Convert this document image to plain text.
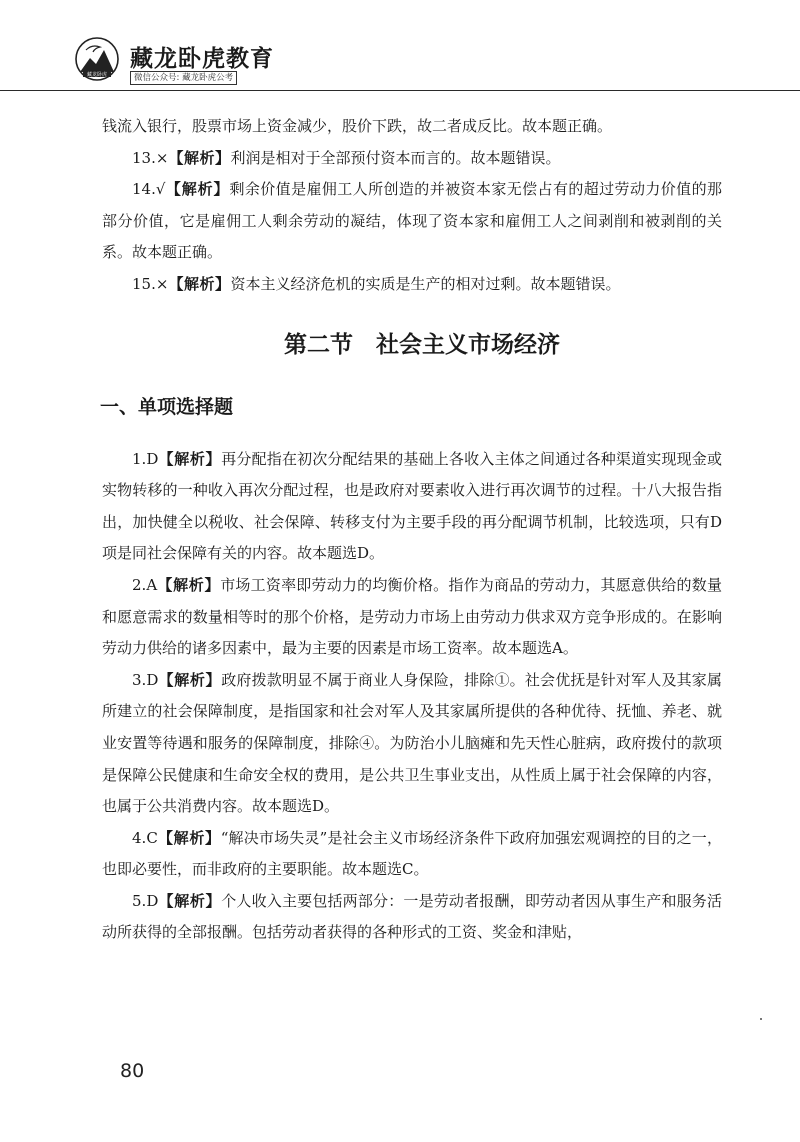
藏龙卧虎
藏龙卧虎教育
微信公众号: 藏龙卧虎公考

钱流入银行，股票市场上资金减少，股价下跌，故二者成反比。故本题正确。

13.×【解析】利润是相对于全部预付资本而言的。故本题错误。

14.√【解析】剩余价值是雇佣工人所创造的并被资本家无偿占有的超过劳动力价值的那部分价值，它是雇佣工人剩余劳动的凝结，体现了资本家和雇佣工人之间剥削和被剥削的关系。故本题正确。

15.×【解析】资本主义经济危机的实质是生产的相对过剩。故本题错误。

第二节　社会主义市场经济
一、单项选择题

1.D【解析】再分配指在初次分配结果的基础上各收入主体之间通过各种渠道实现现金或实物转移的一种收入再次分配过程，也是政府对要素收入进行再次调节的过程。十八大报告指出，加快健全以税收、社会保障、转移支付为主要手段的再分配调节机制，比较选项，只有D项是同社会保障有关的内容。故本题选D。

2.A【解析】市场工资率即劳动力的均衡价格。指作为商品的劳动力，其愿意供给的数量和愿意需求的数量相等时的那个价格，是劳动力市场上由劳动力供求双方竞争形成的。在影响劳动力供给的诸多因素中，最为主要的因素是市场工资率。故本题选A。

3.D【解析】政府拨款明显不属于商业人身保险，排除①。社会优抚是针对军人及其家属所建立的社会保障制度，是指国家和社会对军人及其家属所提供的各种优待、抚恤、养老、就业安置等待遇和服务的保障制度，排除④。为防治小儿脑瘫和先天性心脏病，政府拨付的款项是保障公民健康和生命安全权的费用，是公共卫生事业支出，从性质上属于社会保障的内容，也属于公共消费内容。故本题选D。

4.C【解析】“解决市场失灵”是社会主义市场经济条件下政府加强宏观调控的目的之一，也即必要性，而非政府的主要职能。故本题选C。

5.D【解析】个人收入主要包括两部分：一是劳动者报酬，即劳动者因从事生产和服务活动所获得的全部报酬。包括劳动者获得的各种形式的工资、奖金和津贴，

80
